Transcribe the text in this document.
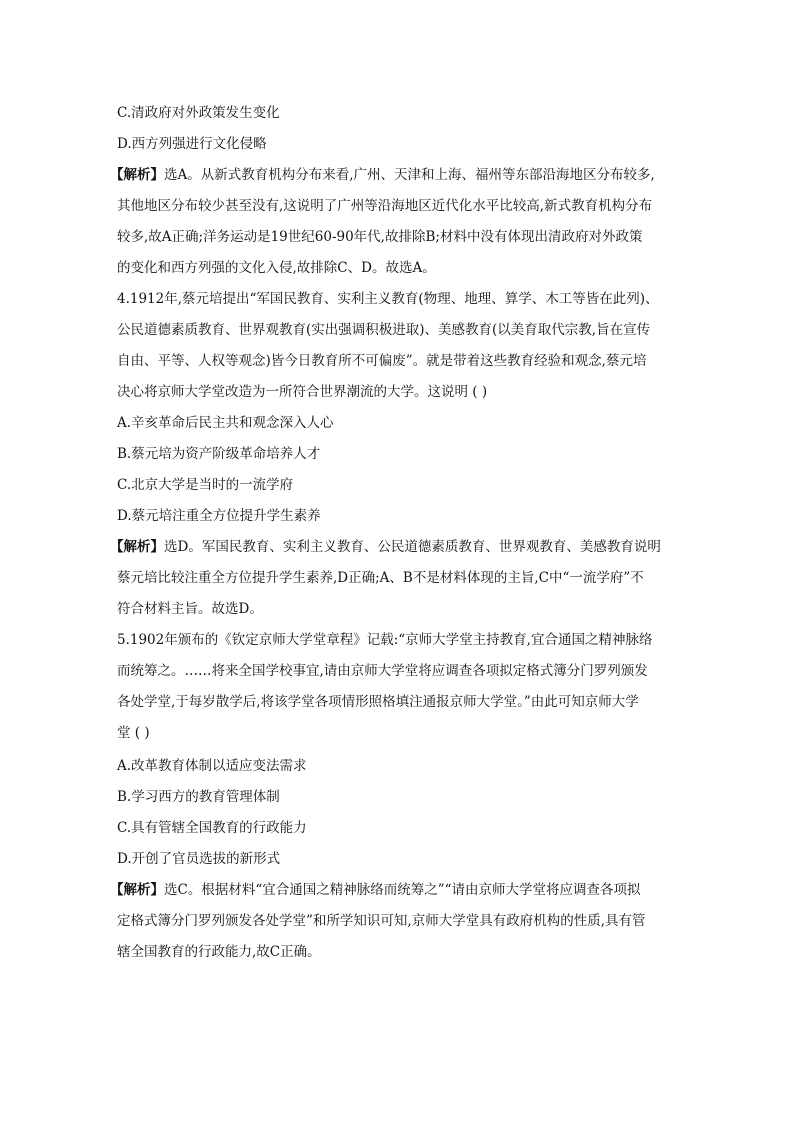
C.清政府对外政策发生变化
D.西方列强进行文化侵略
【解析】选A。从新式教育机构分布来看,广州、天津和上海、福州等东部沿海地区分布较多,
其他地区分布较少甚至没有,这说明了广州等沿海地区近代化水平比较高,新式教育机构分布
较多,故A正确;洋务运动是19世纪60-90年代,故排除B;材料中没有体现出清政府对外政策
的变化和西方列强的文化入侵,故排除C、D。故选A。
4.1912年,蔡元培提出“军国民教育、实利主义教育(物理、地理、算学、木工等皆在此列)、
公民道德素质教育、世界观教育(实出强调积极进取)、美感教育(以美育取代宗教,旨在宣传
自由、平等、人权等观念)皆今日教育所不可偏废”。就是带着这些教育经验和观念,蔡元培
决心将京师大学堂改造为一所符合世界潮流的大学。这说明 ( )
A.辛亥革命后民主共和观念深入人心
B.蔡元培为资产阶级革命培养人才
C.北京大学是当时的一流学府
D.蔡元培注重全方位提升学生素养
【解析】选D。军国民教育、实利主义教育、公民道德素质教育、世界观教育、美感教育说明
蔡元培比较注重全方位提升学生素养,D正确;A、B不是材料体现的主旨,C中“一流学府”不
符合材料主旨。故选D。
5.1902年颁布的《钦定京师大学堂章程》记载:“京师大学堂主持教育,宜合通国之精神脉络
而统筹之。……将来全国学校事宜,请由京师大学堂将应调查各项拟定格式簿分门罗列颁发
各处学堂,于每岁散学后,将该学堂各项情形照格填注通报京师大学堂。”由此可知京师大学
堂 ( )
A.改革教育体制以适应变法需求
B.学习西方的教育管理体制
C.具有管辖全国教育的行政能力
D.开创了官员选拔的新形式
【解析】选C。根据材料“宜合通国之精神脉络而统筹之”“请由京师大学堂将应调查各项拟
定格式簿分门罗列颁发各处学堂”和所学知识可知,京师大学堂具有政府机构的性质,具有管
辖全国教育的行政能力,故C正确。
